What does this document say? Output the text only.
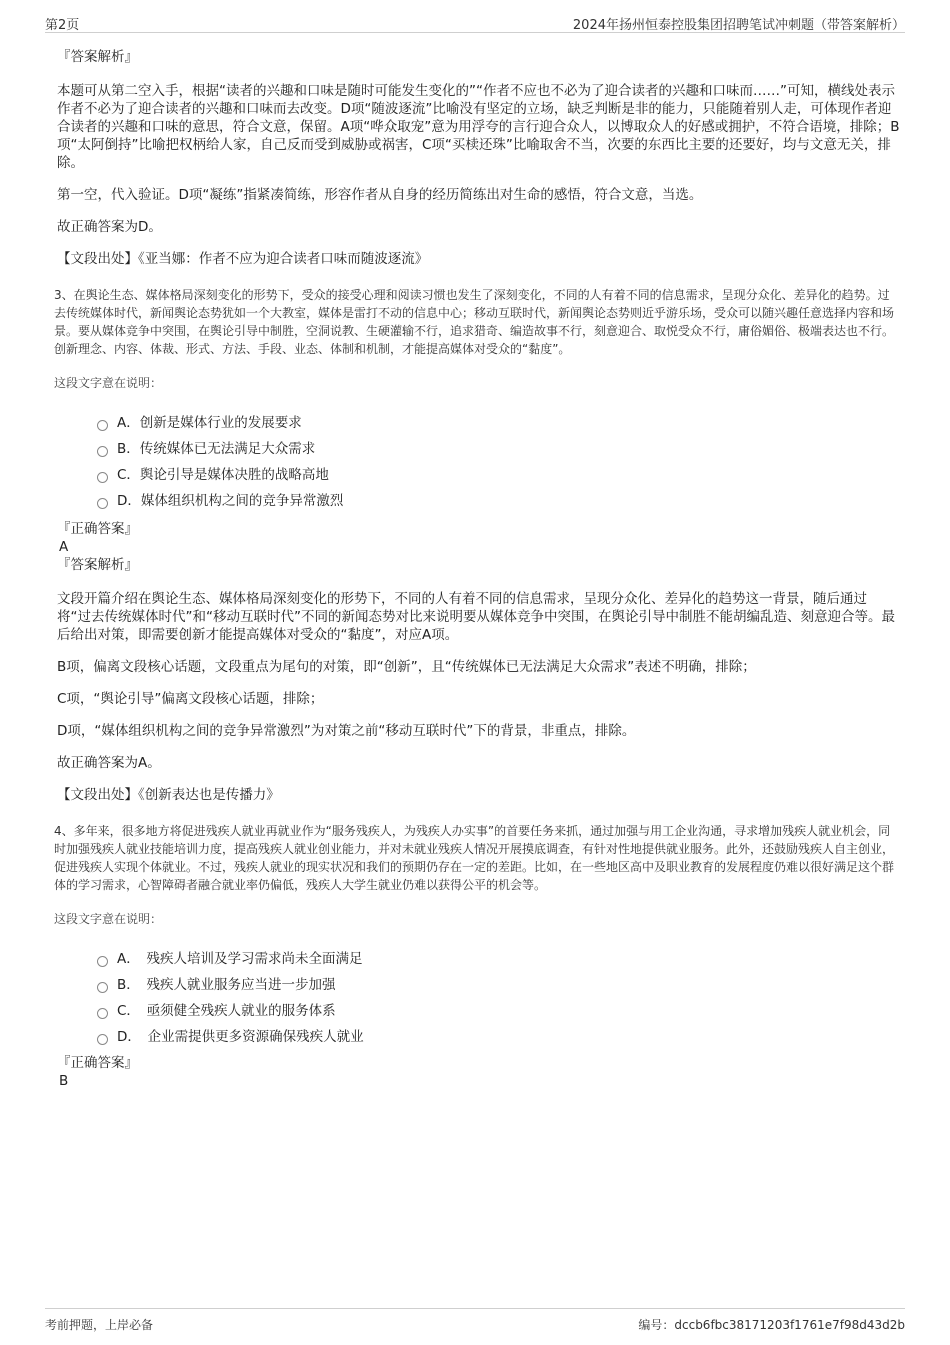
第2页	2024年扬州恒泰控股集团招聘笔试冲刺题（带答案解析）
『答案解析』

本题可从第二空入手，根据“读者的兴趣和口味是随时可能发生变化的”“作者不应也不必为了迎合读者的兴趣和口味而……”可知，横线处表示作者不必为了迎合读者的兴趣和口味而去改变。D项“随波逐流”比喻没有坚定的立场，缺乏判断是非的能力，只能随着别人走，可体现作者迎合读者的兴趣和口味的意思，符合文意，保留。A项“哗众取宠”意为用浮夸的言行迎合众人，以博取众人的好感或拥护，不符合语境，排除；B项“太阿倒持”比喻把权柄给人家，自己反而受到威胁或祸害，C项“买椟还珠”比喻取舍不当，次要的东西比主要的还要好，均与文意无关，排除。

第一空，代入验证。D项“凝练”指紧凑简练，形容作者从自身的经历简练出对生命的感悟，符合文意，当选。

故正确答案为D。

【文段出处】《亚当娜：作者不应为迎合读者口味而随波逐流》

3、在舆论生态、媒体格局深刻变化的形势下，受众的接受心理和阅读习惯也发生了深刻变化，不同的人有着不同的信息需求，呈现分众化、差异化的趋势。过去传统媒体时代，新闻舆论态势犹如一个大教室，媒体是雷打不动的信息中心；移动互联时代，新闻舆论态势则近乎游乐场，受众可以随兴趣任意选择内容和场景。要从媒体竞争中突围，在舆论引导中制胜，空洞说教、生硬灌输不行，追求猎奇、编造故事不行，刻意迎合、取悦受众不行，庸俗媚俗、极端表达也不行。创新理念、内容、体裁、形式、方法、手段、业态、体制和机制，才能提高媒体对受众的“黏度”。

这段文字意在说明：

A．创新是媒体行业的发展要求
B．传统媒体已无法满足大众需求
C．舆论引导是媒体决胜的战略高地
D．媒体组织机构之间的竞争异常激烈
『正确答案』
A
『答案解析』

文段开篇介绍在舆论生态、媒体格局深刻变化的形势下，不同的人有着不同的信息需求，呈现分众化、差异化的趋势这一背景，随后通过将“过去传统媒体时代”和“移动互联时代”不同的新闻态势对比来说明要从媒体竞争中突围，在舆论引导中制胜不能胡编乱造、刻意迎合等。最后给出对策，即需要创新才能提高媒体对受众的“黏度”，对应A项。

B项，偏离文段核心话题，文段重点为尾句的对策，即“创新”，且“传统媒体已无法满足大众需求”表述不明确，排除；

C项，“舆论引导”偏离文段核心话题，排除；

D项，“媒体组织机构之间的竞争异常激烈”为对策之前“移动互联时代”下的背景，非重点，排除。

故正确答案为A。

【文段出处】《创新表达也是传播力》

4、多年来，很多地方将促进残疾人就业再就业作为“服务残疾人，为残疾人办实事”的首要任务来抓，通过加强与用工企业沟通，寻求增加残疾人就业机会，同时加强残疾人就业技能培训力度，提高残疾人就业创业能力，并对未就业残疾人情况开展摸底调查，有针对性地提供就业服务。此外，还鼓励残疾人自主创业，促进残疾人实现个体就业。不过，残疾人就业的现实状况和我们的预期仍存在一定的差距。比如，在一些地区高中及职业教育的发展程度仍难以很好满足这个群体的学习需求，心智障碍者融合就业率仍偏低，残疾人大学生就业仍难以获得公平的机会等。

这段文字意在说明：

A．　残疾人培训及学习需求尚未全面满足
B．　残疾人就业服务应当进一步加强
C．　亟须健全残疾人就业的服务体系
D．　企业需提供更多资源确保残疾人就业
『正确答案』
B
考前押题，上岸必备	编号：dccb6fbc38171203f1761e7f98d43d2b
